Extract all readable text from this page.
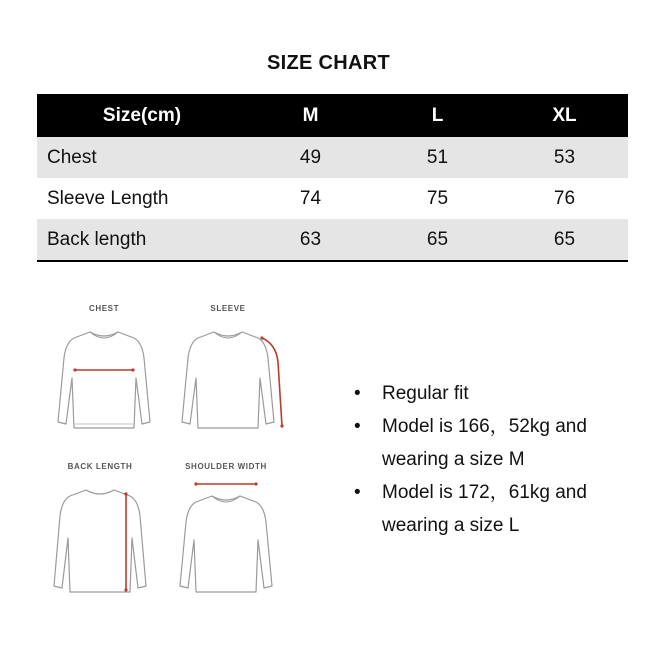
SIZE CHART
Size(cm)	M	L	XL
Chest	49	51	53
Sleeve Length	74	75	76
Back length	63	65	65
CHEST	SLEEVE
BACK LENGTH	SHOULDER WIDTH
• Regular fit
• Model is 166，52kg and wearing a size M
• Model is 172，61kg and wearing a size L
